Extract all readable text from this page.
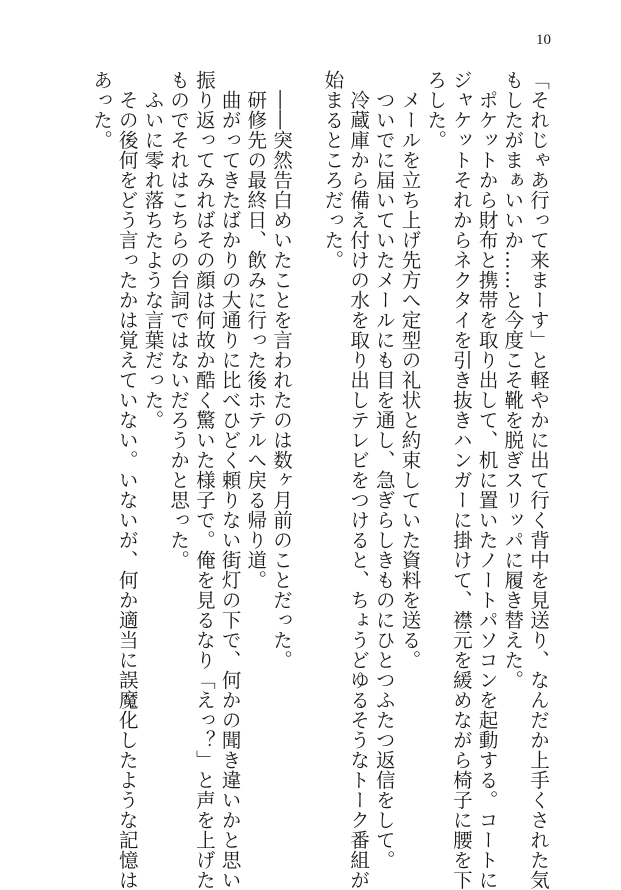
10
「それじゃあ行って来まーす」と軽やかに出て行く背中を見送り、なんだか上手くされた気
もしたがまぁいいか……と今度こそ靴を脱ぎスリッパに履き替えた。
　ポケットから財布と携帯を取り出して、机に置いたノートパソコンを起動する。コートに
ジャケットそれからネクタイを引き抜きハンガーに掛けて、襟元を緩めながら椅子に腰を下
ろした。
　メールを立ち上げ先方へ定型の礼状と約束していた資料を送る。
　ついでに届いていたメールにも目を通し、急ぎらしきものにひとつふたつ返信をして。
　冷蔵庫から備え付けの水を取り出しテレビをつけると、ちょうどゆるそうなトーク番組が
始まるところだった。
　――突然告白めいたことを言われたのは数ヶ月前のことだった。
　研修先の最終日、飲みに行った後ホテルへ戻る帰り道。
　曲がってきたばかりの大通りに比べひどく頼りない街灯の下で、何かの聞き違いかと思い
振り返ってみればその顔は何故か酷く驚いた様子で。俺を見るなり「えっ？」と声を上げた
ものでそれはこちらの台詞ではないだろうかと思った。
　ふいに零れ落ちたような言葉だった。
　その後何をどう言ったかは覚えていない。いないが、何か適当に誤魔化したような記憶は
あった。
